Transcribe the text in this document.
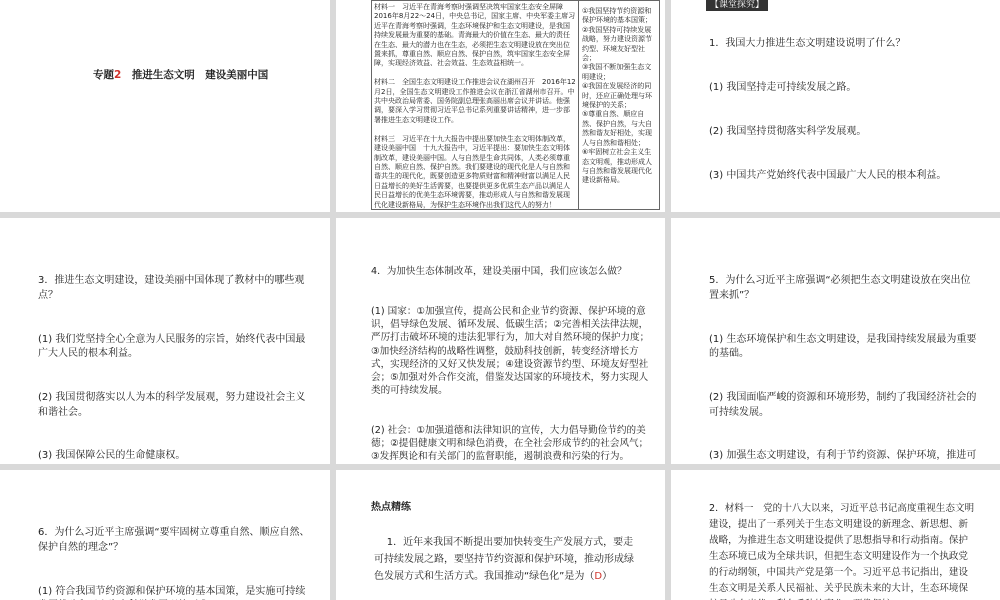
专题2　 推进生态文明　建设美丽中国
材料一　习近平在青海考察时强调坚决筑牢国家生态安全屏障　2016年8月22～24日，中央总书记，国家主席、中央军委主席习近平在青海考察时强调，生态环境保护和生态文明建设，是我国持续发展最为重要的基础。青海最大的价值在生态、最大的责任在生态、最大的潜力也在生态，必须把生态文明建设放在突出位置来抓，尊重自然、顺应自然、保护自然，筑牢国家生态安全屏障，实现经济效益、社会效益、生态效益相统一。

材料二　全国生态文明建设工作推进会议在湖州召开　2016年12月2日，全国生态文明建设工作推进会议在浙江省湖州市召开。中共中央政治局常委、国务院副总理张高丽出席会议并讲话。他强调，要深入学习贯彻习近平总书记系列重要讲话精神，进一步部署推进生态文明建设工作。

材料三　习近平在十九大报告中提出要加快生态文明体制改革，建设美丽中国　十九大报告中，习近平提出：要加快生态文明体制改革，建设美丽中国。人与自然是生命共同体，人类必须尊重自然、顺应自然、保护自然。我们要建设的现代化是人与自然和谐共生的现代化，既要创造更多物质财富和精神财富以满足人民日益增长的美好生活需要，也要提供更多优质生态产品以满足人民日益增长的优美生态环境需要，推动形成人与自然和谐发展现代化建设新格局，为保护生态环境作出我们这代人的努力！
①我国坚持节约资源和保护环境的基本国策；
②我国坚持可持续发展战略，努力建设资源节约型、环境友好型社会；
③我国不断加强生态文明建设；
④我国在发展经济的同时，还应正确处理与环境保护的关系；
⑤尊重自然、顺应自然、保护自然，与大自然和谐友好相处，实现人与自然和谐相处；
⑥牢固树立社会主义生态文明观，推动形成人与自然和谐发展现代化建设新格局。
【课堂探究】

1．我国大力推进生态文明建设说明了什么？

(1) 我国坚持走可持续发展之路。

(2) 我国坚持贯彻落实科学发展观。

(3) 中国共产党始终代表中国最广大人民的根本利益。

3．推进生态文明建设，建设美丽中国体现了教材中的哪些观点？

(1) 我们党坚持全心全意为人民服务的宗旨，始终代表中国最广大人民的根本利益。

(2) 我国贯彻落实以人为本的科学发展观，努力建设社会主义和谐社会。

(3) 我国保障公民的生命健康权。

4．为加快生态体制改革，建设美丽中国，我们应该怎么做？

(1) 国家：①加强宣传，提高公民和企业节约资源、保护环境的意识，倡导绿色发展、循环发展、低碳生活；②完善相关法律法规，严厉打击破坏环境的违法犯罪行为，加大对自然环境的保护力度；③加快经济结构的战略性调整，鼓励科技创新，转变经济增长方式，实现经济的又好又快发展；④建设资源节约型、环境友好型社会；⑤加强对外合作交流，借鉴发达国家的环境技术，努力实现人类的可持续发展。

(2) 社会：①加强道德和法律知识的宣传，大力倡导勤俭节约的美德；②提倡健康文明和绿色消费，在全社会形成节约的社会风气；③发挥舆论和有关部门的监督职能，遏制浪费和污染的行为。

5．为什么习近平主席强调“必须把生态文明建设放在突出位置来抓”？

(1) 生态环境保护和生态文明建设，是我国持续发展最为重要的基础。

(2) 我国面临严峻的资源和环境形势，制约了我国经济社会的可持续发展。

(3) 加强生态文明建设，有利于节约资源、保护环境，推进可

6．为什么习近平主席强调“要牢固树立尊重自然、顺应自然、保护自然的理念”？

(1) 符合我国节约资源和保护环境的基本国策，是实施可持续

热点精练

1．近年来我国不断提出要加快转变生产发展方式，要走可持续发展之路，要坚持节约资源和保护环境，推动形成绿色发展方式和生活方式。我国推动“绿色化”是为（D）

2．材料一　党的十八大以来，习近平总书记高度重视生态文明建设，提出了一系列关于生态文明建设的新理念、新思想、新战略，为推进生态文明建设提供了思想指导和行动指南。保护生态环境已成为全球共识，但把生态文明建设作为一个执政党的行动纲领，中国共产党是第一个。习近平总书记指出，建设生态文明是关系人民福祉、关乎民族未来的大计，生态环境保
